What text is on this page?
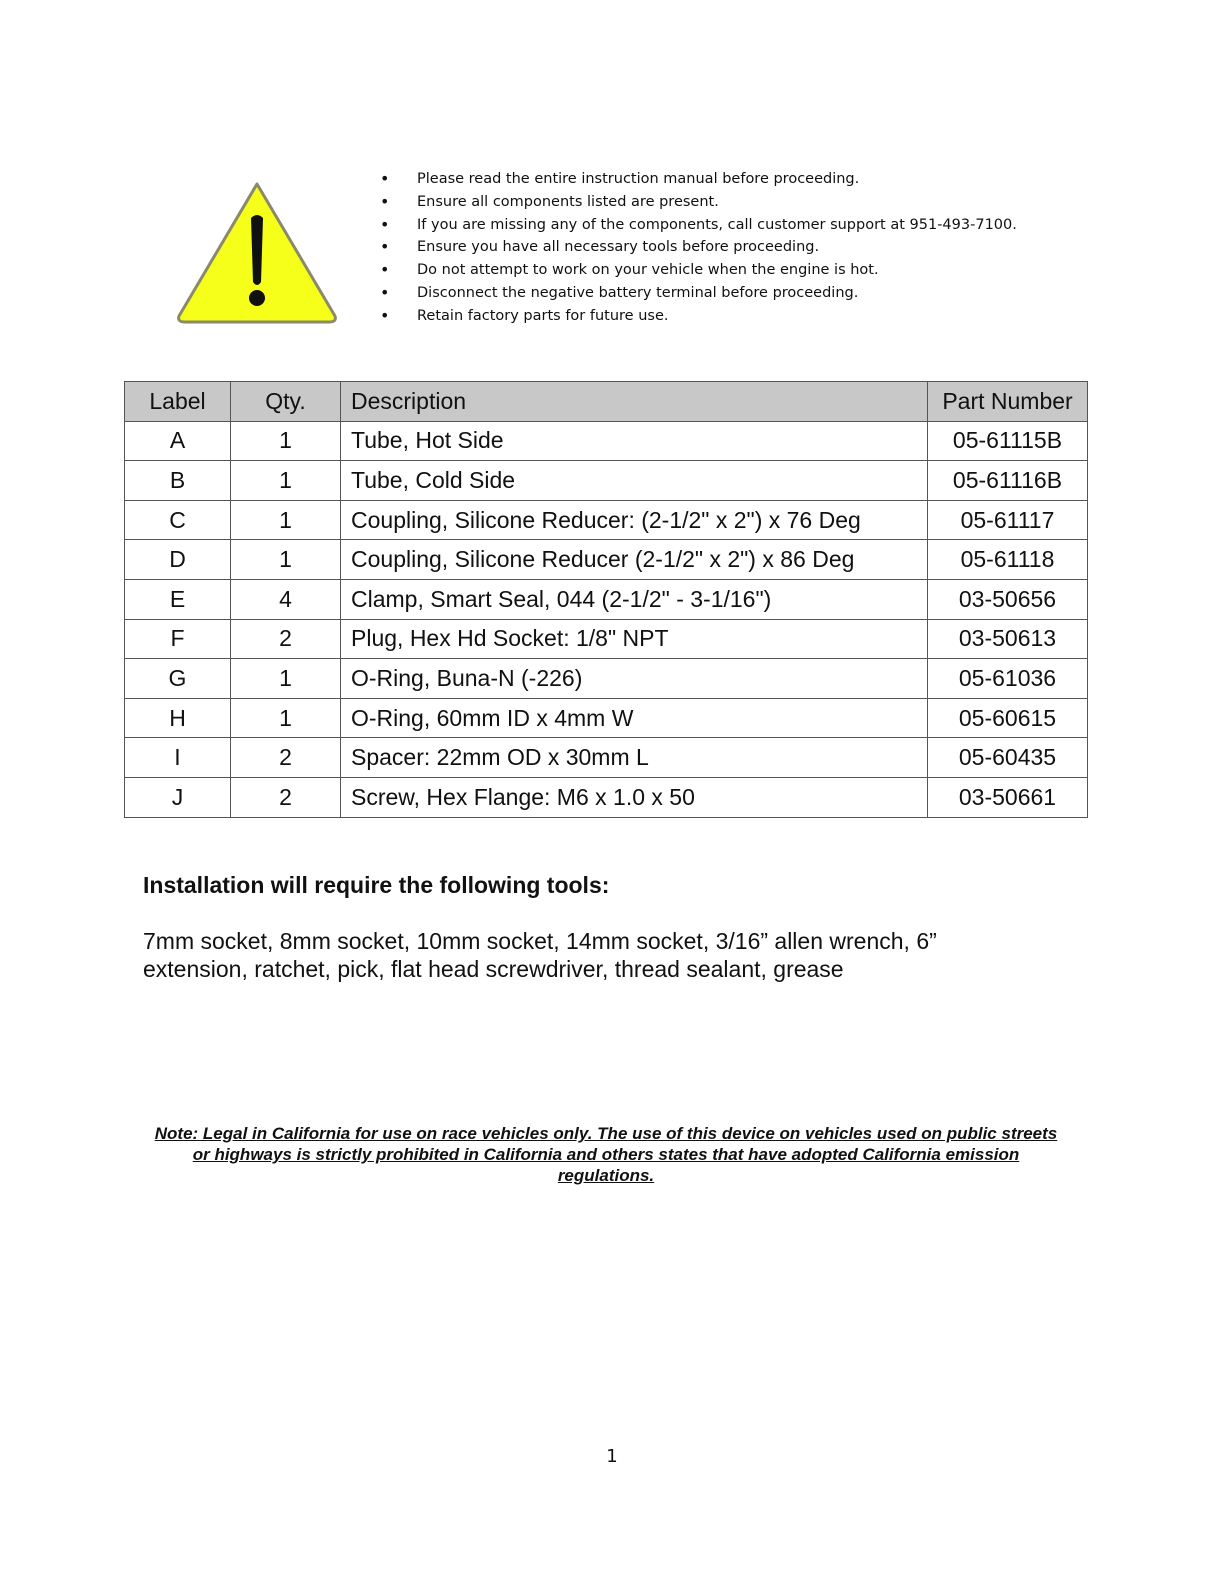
• Please read the entire instruction manual before proceeding.
• Ensure all components listed are present.
• If you are missing any of the components, call customer support at 951-493-7100.
• Ensure you have all necessary tools before proceeding.
• Do not attempt to work on your vehicle when the engine is hot.
• Disconnect the negative battery terminal before proceeding.
• Retain factory parts for future use.
Label	Qty.	Description	Part Number
A	1	Tube, Hot Side	05-61115B
B	1	Tube, Cold Side	05-61116B
C	1	Coupling, Silicone Reducer: (2-1/2" x 2") x 76 Deg	05-61117
D	1	Coupling, Silicone Reducer (2-1/2" x 2") x 86 Deg	05-61118
E	4	Clamp, Smart Seal, 044 (2-1/2" - 3-1/16")	03-50656
F	2	Plug, Hex Hd Socket: 1/8" NPT	03-50613
G	1	O-Ring, Buna-N (-226)	05-61036
H	1	O-Ring, 60mm ID x 4mm W	05-60615
I	2	Spacer: 22mm OD x 30mm L	05-60435
J	2	Screw, Hex Flange: M6 x 1.0 x 50	03-50661
Installation will require the following tools:

7mm socket, 8mm socket, 10mm socket, 14mm socket, 3/16” allen wrench, 6” extension, ratchet, pick, flat head screwdriver, thread sealant, grease

Note: Legal in California for use on race vehicles only. The use of this device on vehicles used on public streets or highways is strictly prohibited in California and others states that have adopted California emission regulations.

1
